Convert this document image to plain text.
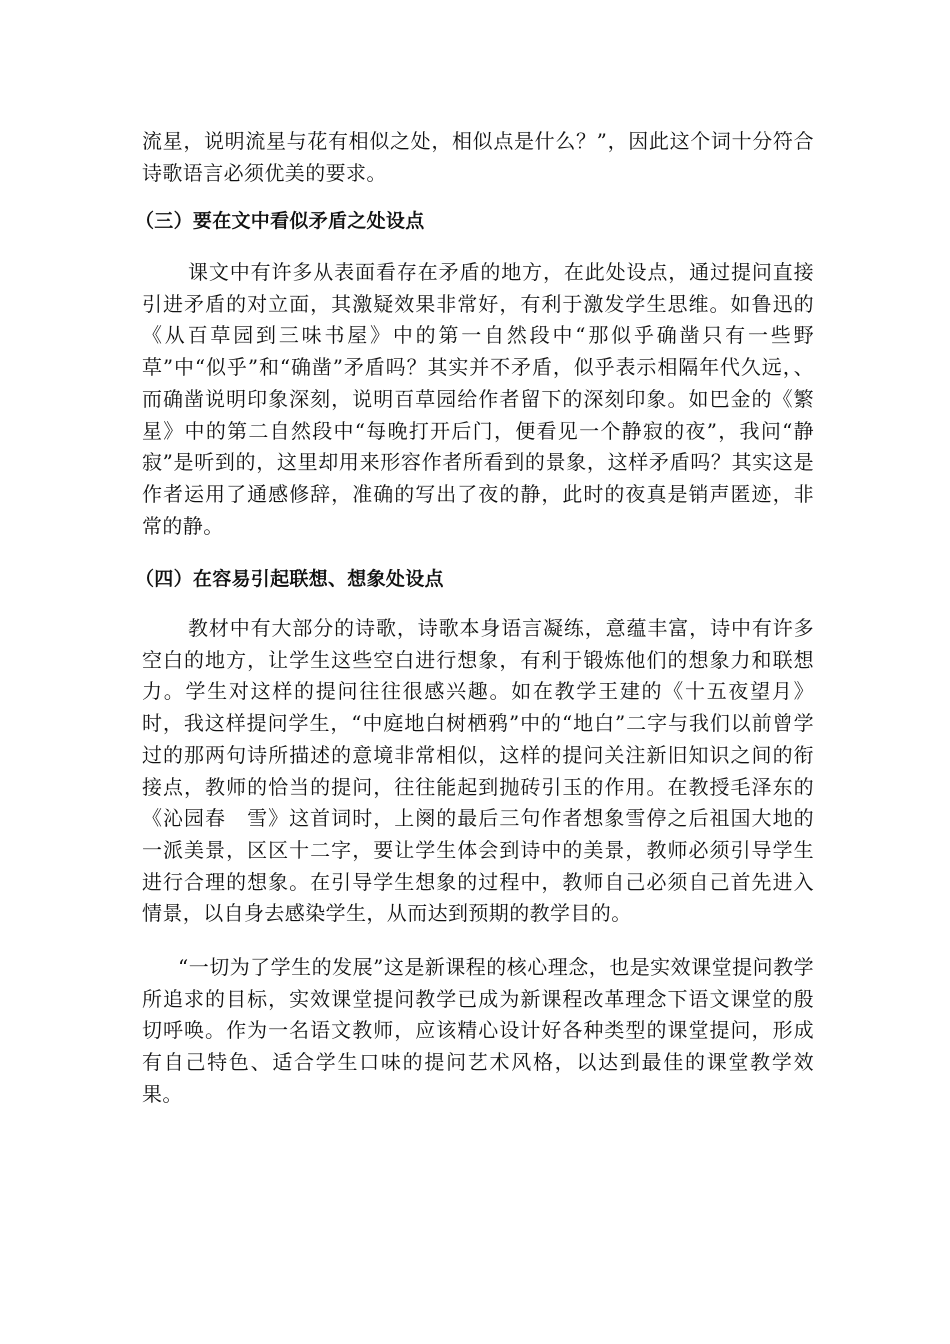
流星，说明流星与花有相似之处，相似点是什么？”，因此这个词十分符合诗歌语言必须优美的要求。

（三）要在文中看似矛盾之处设点

课文中有许多从表面看存在矛盾的地方，在此处设点，通过提问直接引进矛盾的对立面，其激疑效果非常好，有利于激发学生思维。如鲁迅的《从百草园到三味书屋》中的第一自然段中“那似乎确凿只有一些野草”中“似乎”和“确凿”矛盾吗？其实并不矛盾，似乎表示相隔年代久远，、而确凿说明印象深刻，说明百草园给作者留下的深刻印象。如巴金的《繁星》中的第二自然段中“每晚打开后门，便看见一个静寂的夜”，我问“静寂”是听到的，这里却用来形容作者所看到的景象，这样矛盾吗？其实这是作者运用了通感修辞，准确的写出了夜的静，此时的夜真是销声匿迹，非常的静。

（四）在容易引起联想、想象处设点

教材中有大部分的诗歌，诗歌本身语言凝练，意蕴丰富，诗中有许多空白的地方，让学生这些空白进行想象，有利于锻炼他们的想象力和联想力。学生对这样的提问往往很感兴趣。如在教学王建的《十五夜望月》时，我这样提问学生，“中庭地白树栖鸦”中的“地白”二字与我们以前曾学过的那两句诗所描述的意境非常相似，这样的提问关注新旧知识之间的衔接点，教师的恰当的提问，往往能起到抛砖引玉的作用。在教授毛泽东的《沁园春　雪》这首词时，上阕的最后三句作者想象雪停之后祖国大地的一派美景，区区十二字，要让学生体会到诗中的美景，教师必须引导学生进行合理的想象。在引导学生想象的过程中，教师自己必须自己首先进入情景，以自身去感染学生，从而达到预期的教学目的。

“一切为了学生的发展”这是新课程的核心理念，也是实效课堂提问教学所追求的目标，实效课堂提问教学已成为新课程改革理念下语文课堂的殷切呼唤。作为一名语文教师，应该精心设计好各种类型的课堂提问，形成有自己特色、适合学生口味的提问艺术风格，以达到最佳的课堂教学效果。
